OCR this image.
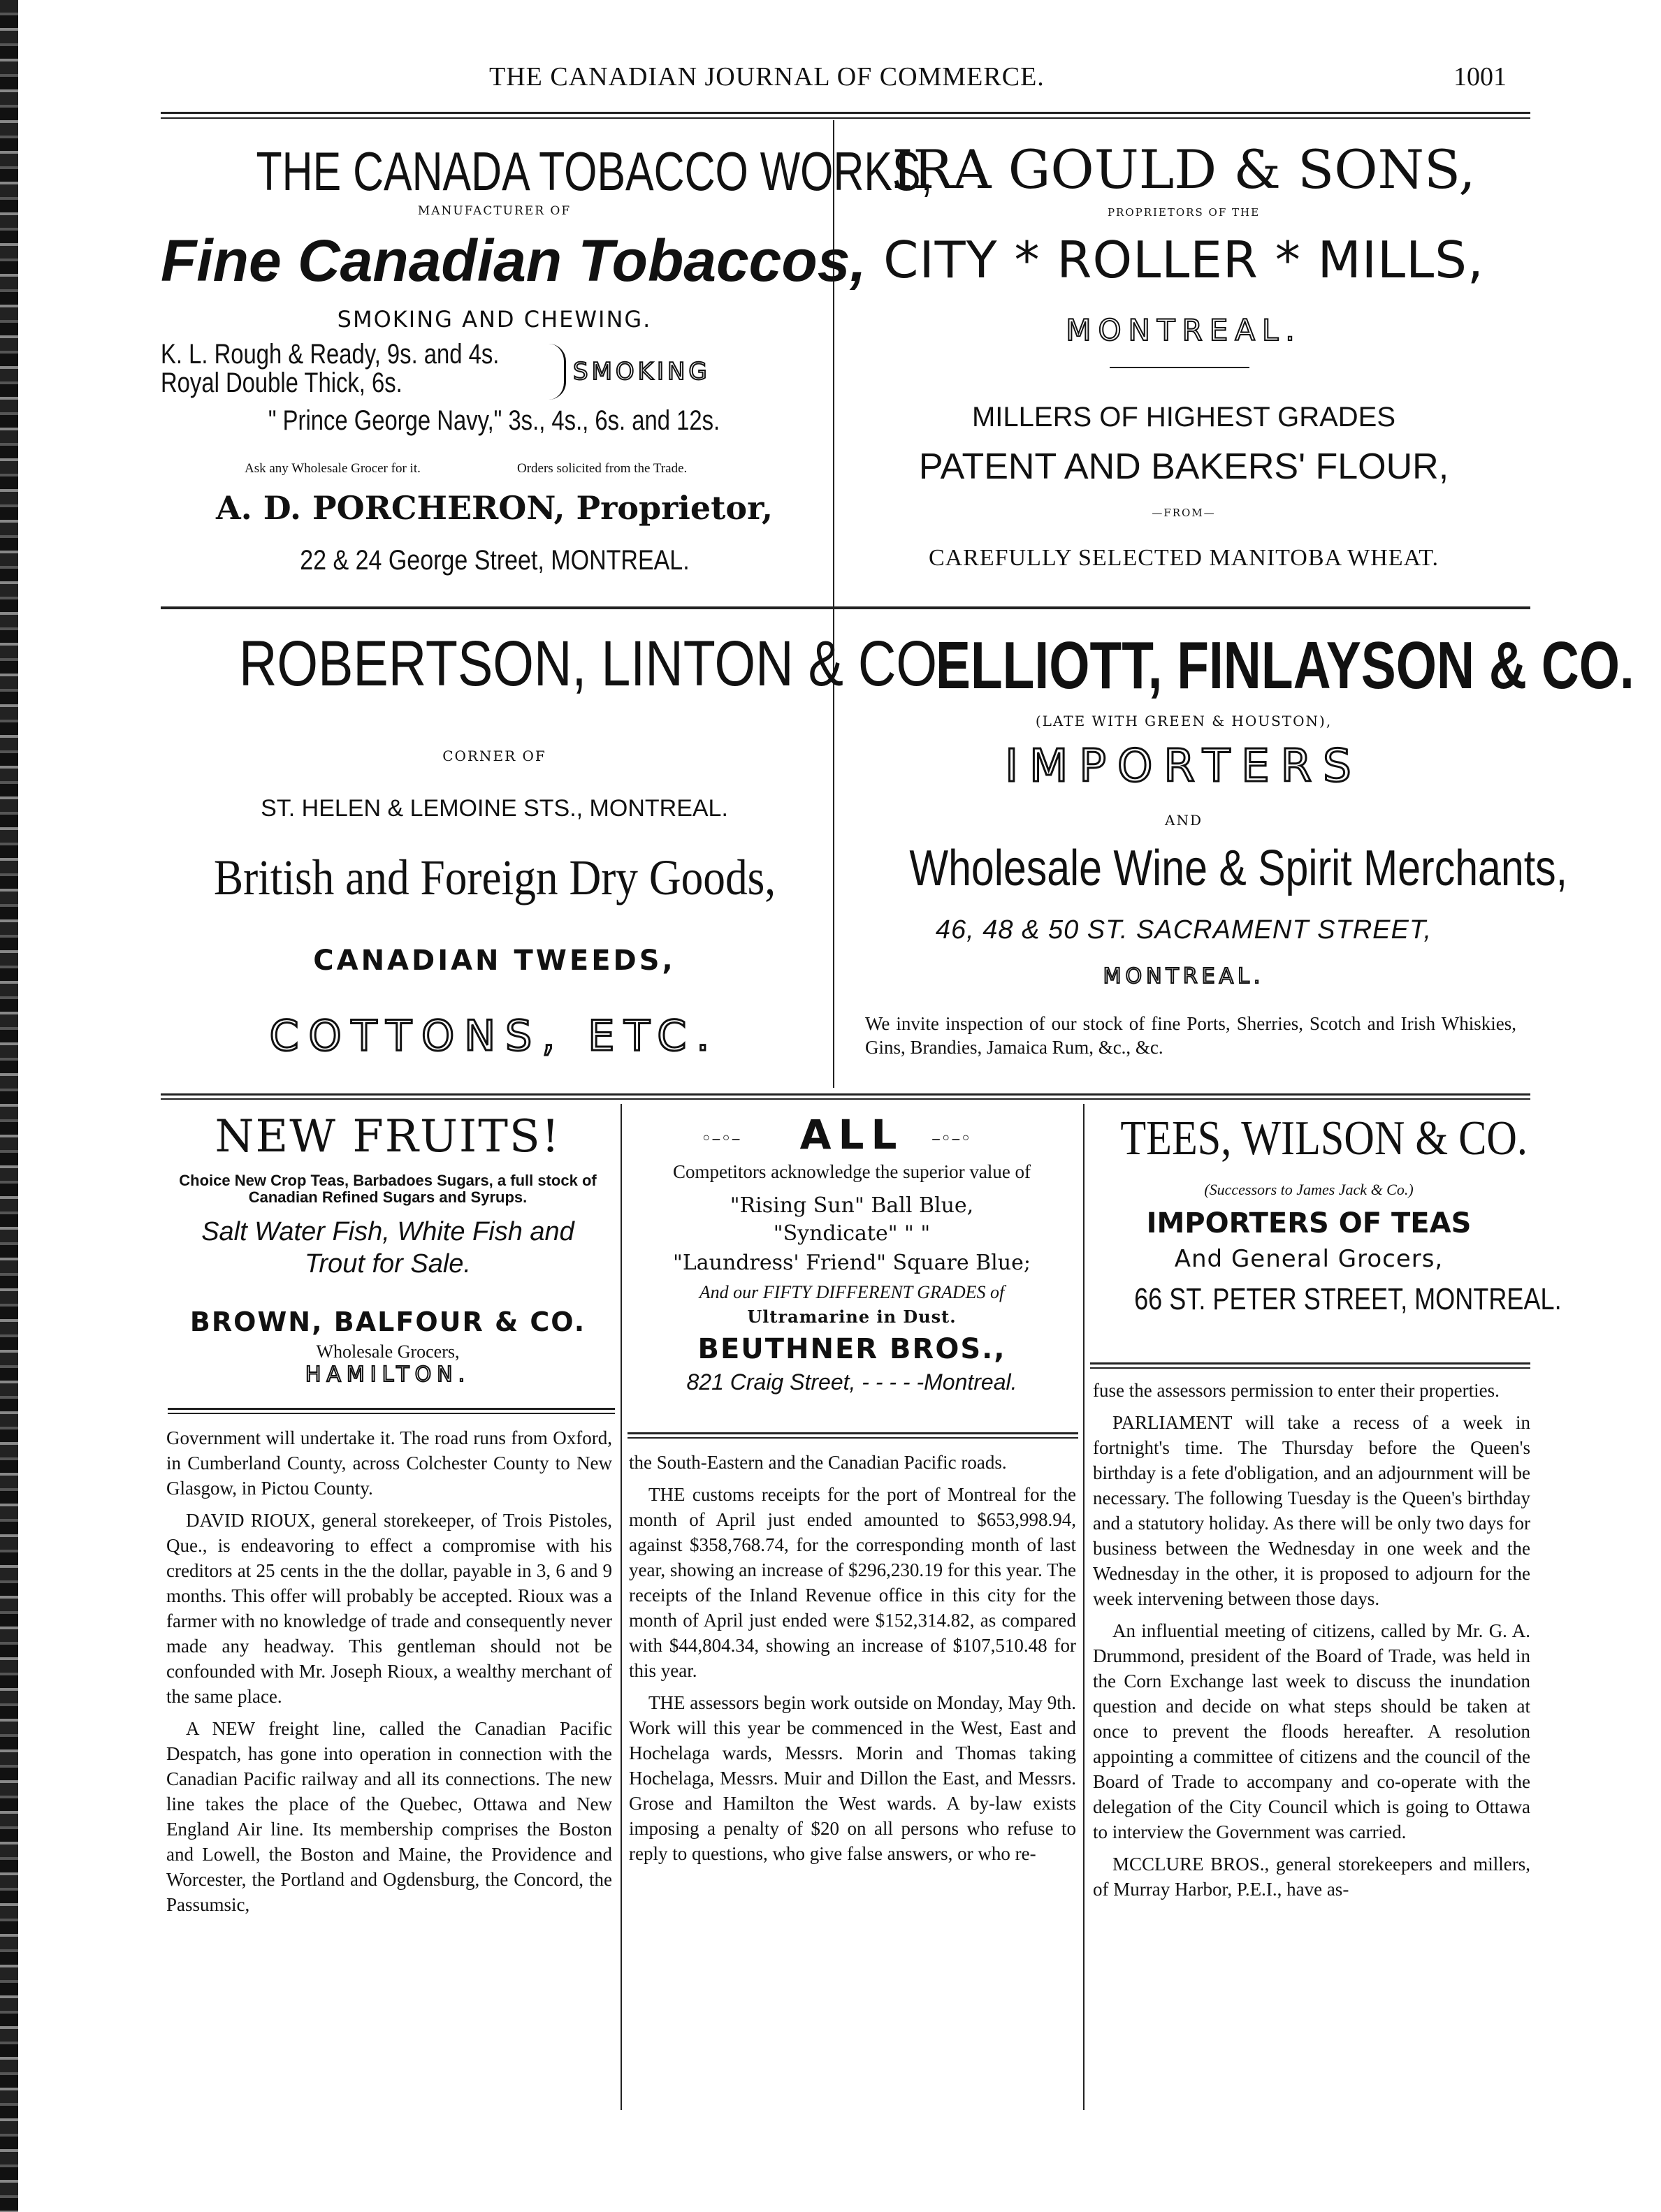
THE CANADIAN JOURNAL OF COMMERCE.	1001
THE CANADA TOBACCO WORKS,
MANUFACTURER OF
Fine Canadian Tobaccos,
SMOKING AND CHEWING.
K. L. Rough & Ready, 9s. and 4s.
Royal Double Thick, 6s.	SMOKING
" Prince George Navy," 3s., 4s., 6s. and 12s.
Ask any Wholesale Grocer for it.	Orders solicited from the Trade.
A. D. PORCHERON, Proprietor,
22 & 24 George Street, MONTREAL.
IRA GOULD & SONS,
PROPRIETORS OF THE
CITY * ROLLER * MILLS,
MONTREAL.
MILLERS OF HIGHEST GRADES
PATENT AND BAKERS' FLOUR,
—FROM—
CAREFULLY SELECTED MANITOBA WHEAT.
ROBERTSON, LINTON & CO.
CORNER OF
ST. HELEN & LEMOINE STS., MONTREAL.
British and Foreign Dry Goods,
CANADIAN TWEEDS,
COTTONS, ETC.
ELLIOTT, FINLAYSON & CO.
(LATE WITH GREEN & HOUSTON),
IMPORTERS
AND
Wholesale Wine & Spirit Merchants,
46, 48 & 50 ST. SACRAMENT STREET,
MONTREAL.
We invite inspection of our stock of fine Ports, Sherries, Scotch and Irish Whiskies, Gins, Brandies, Jamaica Rum, &c., &c.
NEW FRUITS!
Choice New Crop Teas, Barbadoes Sugars, a full stock of Canadian Refined Sugars and Syrups.
Salt Water Fish, White Fish and Trout for Sale.
BROWN, BALFOUR & CO.
Wholesale Grocers,
HAMILTON.
◦–◦–	ALL	–◦–◦
Competitors acknowledge the superior value of
"Rising Sun" Ball Blue,
"Syndicate" " "
"Laundress' Friend" Square Blue;
And our FIFTY DIFFERENT GRADES of
Ultramarine in Dust.
BEUTHNER BROS.,
821 Craig Street, - - - - -Montreal.
TEES, WILSON & CO.
(Successors to James Jack & Co.)
IMPORTERS OF TEAS
And General Grocers,
66 ST. PETER STREET, MONTREAL.

Government will undertake it. The road runs from Oxford, in Cumberland County, across Colchester County to New Glasgow, in Pictou County.

DAVID RIOUX, general storekeeper, of Trois Pistoles, Que., is endeavoring to effect a compromise with his creditors at 25 cents in the the dollar, payable in 3, 6 and 9 months. This offer will probably be accepted. Rioux was a farmer with no knowledge of trade and consequently never made any headway. This gentleman should not be confounded with Mr. Joseph Rioux, a wealthy merchant of the same place.

A NEW freight line, called the Canadian Pacific Despatch, has gone into operation in connection with the Canadian Pacific railway and all its connections. The new line takes the place of the Quebec, Ottawa and New England Air line. Its membership comprises the Boston and Lowell, the Boston and Maine, the Providence and Worcester, the Portland and Ogdensburg, the Concord, the Passumsic,

the South-Eastern and the Canadian Pacific roads.

THE customs receipts for the port of Montreal for the month of April just ended amounted to $653,998.94, against $358,768.74, for the corresponding month of last year, showing an increase of $296,230.19 for this year. The receipts of the Inland Revenue office in this city for the month of April just ended were $152,314.82, as compared with $44,804.34, showing an increase of $107,510.48 for this year.

THE assessors begin work outside on Monday, May 9th. Work will this year be commenced in the West, East and Hochelaga wards, Messrs. Morin and Thomas taking Hochelaga, Messrs. Muir and Dillon the East, and Messrs. Grose and Hamilton the West wards. A by-law exists imposing a penalty of $20 on all persons who refuse to reply to questions, who give false answers, or who re-

fuse the assessors permission to enter their properties.

PARLIAMENT will take a recess of a week in fortnight's time. The Thursday before the Queen's birthday is a fete d'obligation, and an adjournment will be necessary. The following Tuesday is the Queen's birthday and a statutory holiday. As there will be only two days for business between the Wednesday in one week and the Wednesday in the other, it is proposed to adjourn for the week intervening between those days.

An influential meeting of citizens, called by Mr. G. A. Drummond, president of the Board of Trade, was held in the Corn Exchange last week to discuss the inundation question and decide on what steps should be taken at once to prevent the floods hereafter. A resolution appointing a committee of citizens and the council of the Board of Trade to accompany and co-operate with the delegation of the City Council which is going to Ottawa to interview the Government was carried.

MCCLURE BROS., general storekeepers and millers, of Murray Harbor, P.E.I., have as-
